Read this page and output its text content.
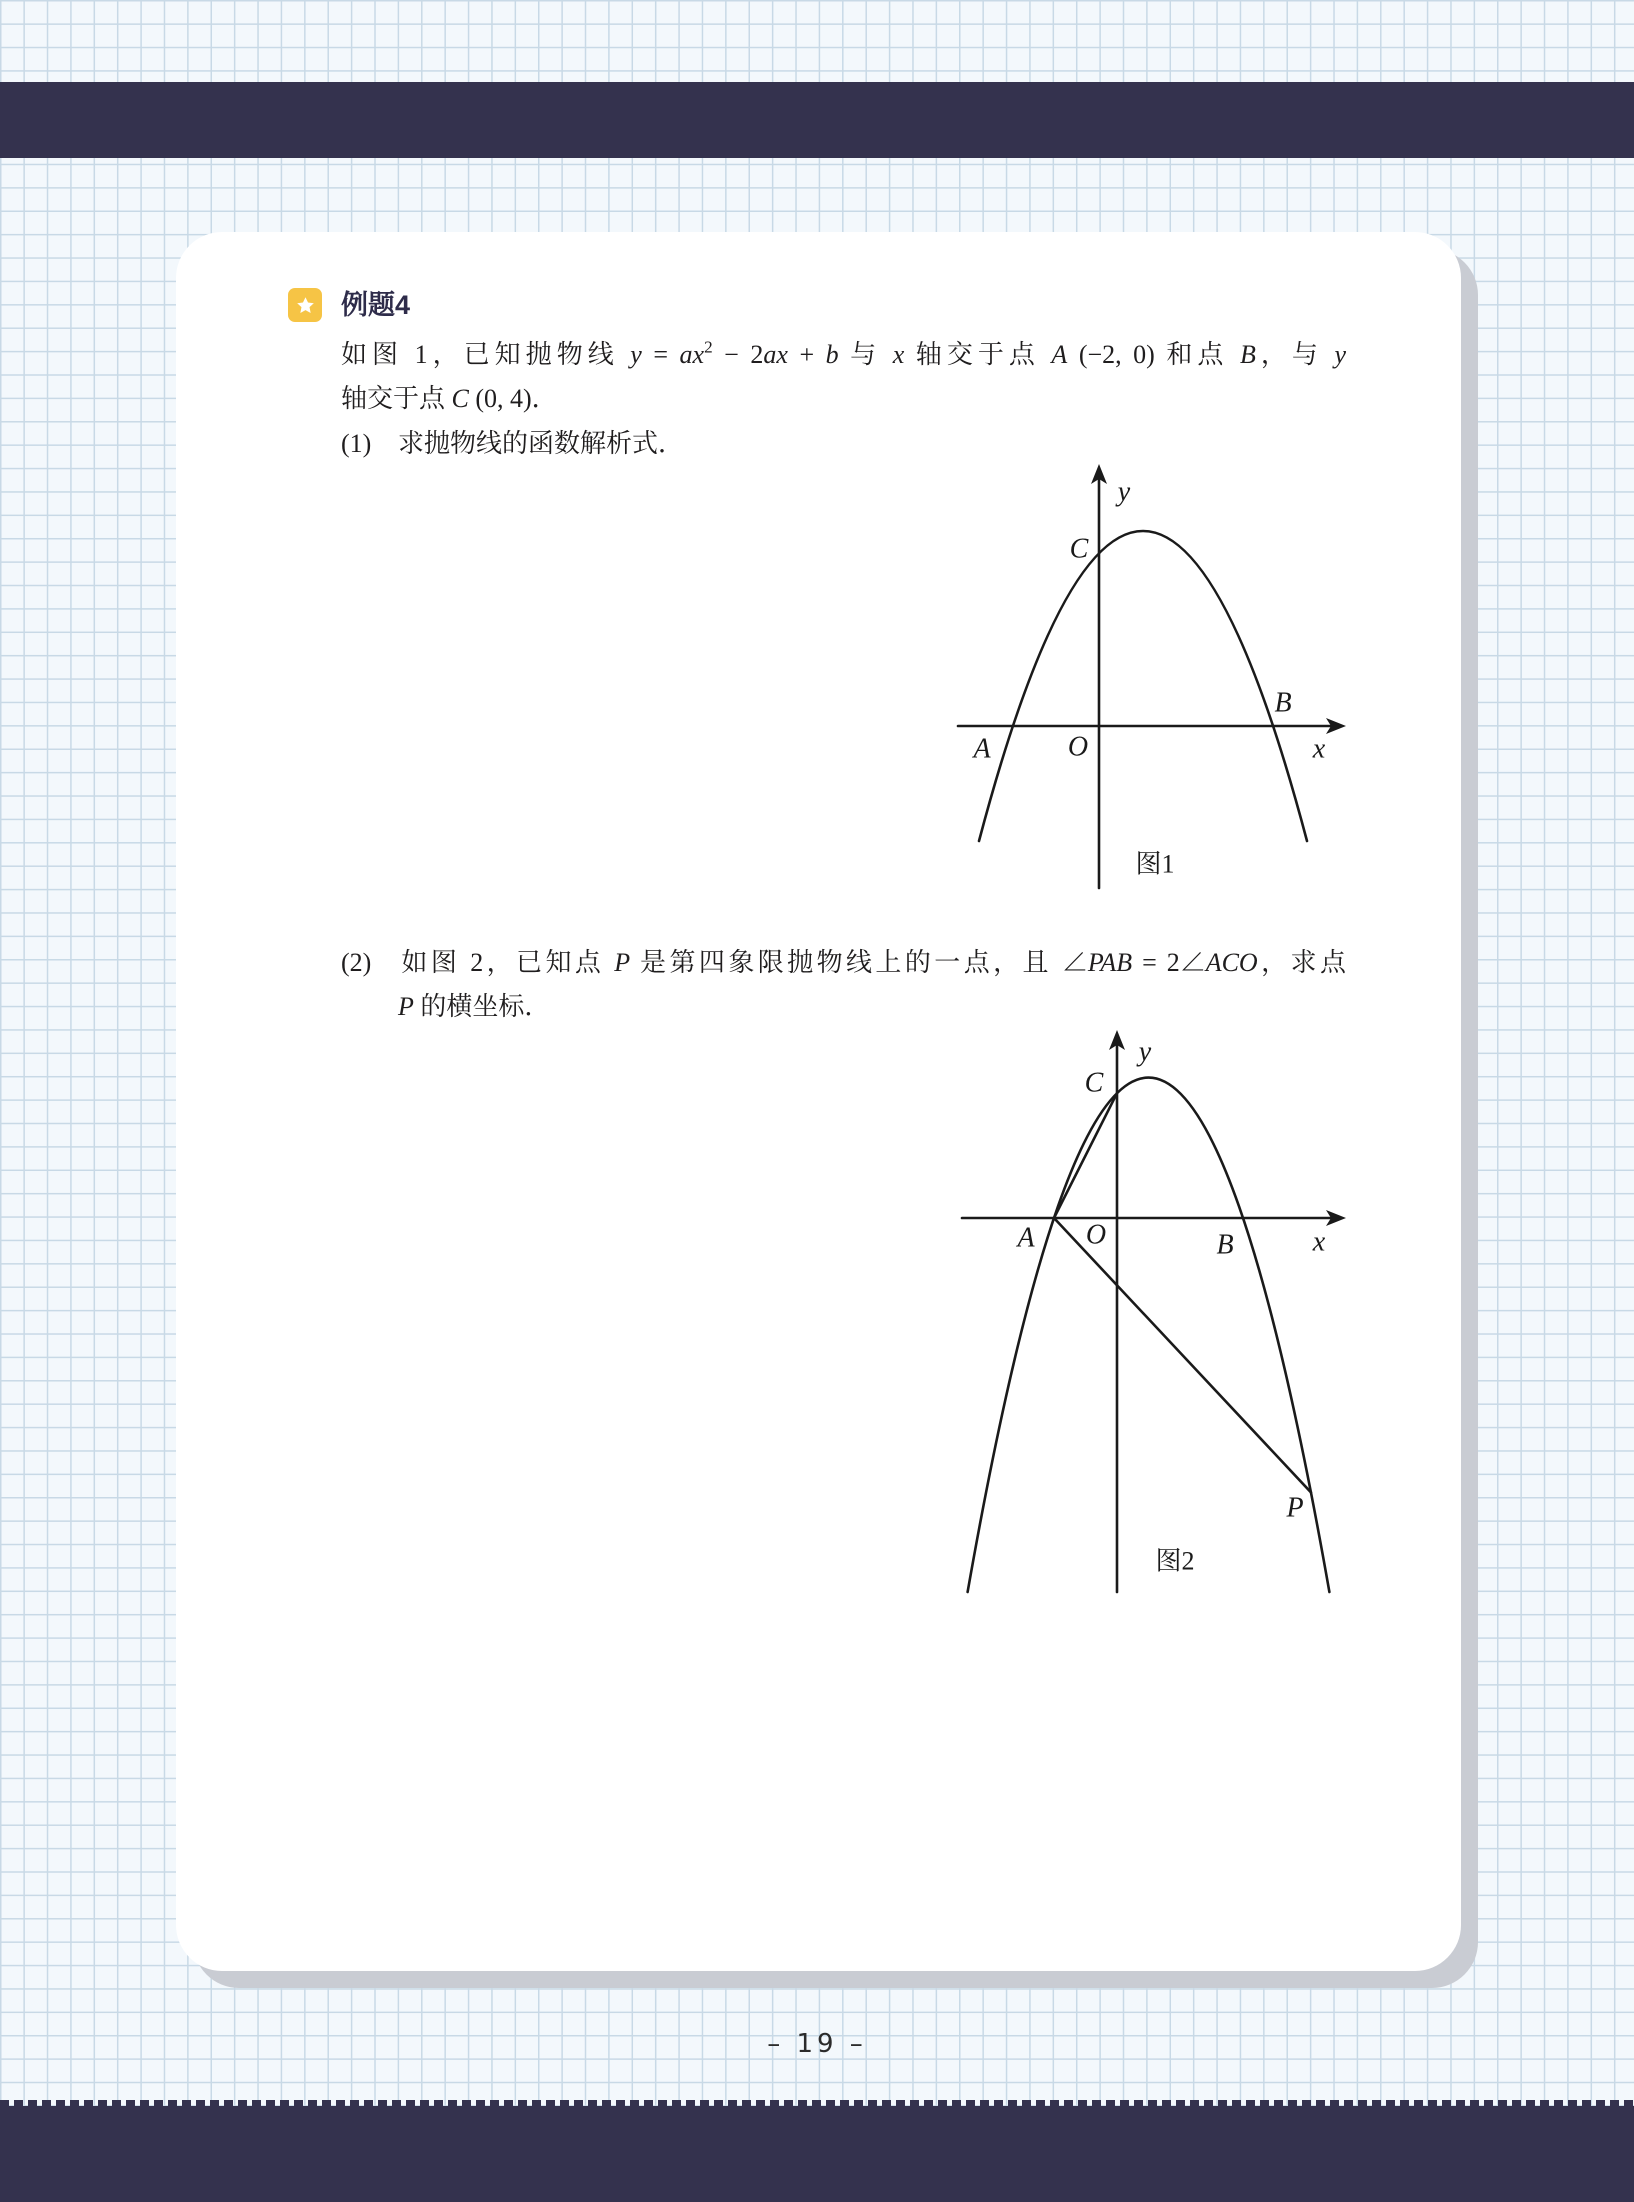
例题4
如图 1，已知抛物线 $y = ax^2 - 2ax + b$ 与 x 轴交于点 A (−2, 0) 和点 B，与 y
轴交于点 C (0, 4)．
(1) 求抛物线的函数解析式．
y
C
B
A	O	x
图1
(2) 如图 2，已知点 P 是第四象限抛物线上的一点，且 ∠PAB = 2∠ACO，求点
P 的横坐标．
y
C
A O	B	x
P
图2
– 19 –
